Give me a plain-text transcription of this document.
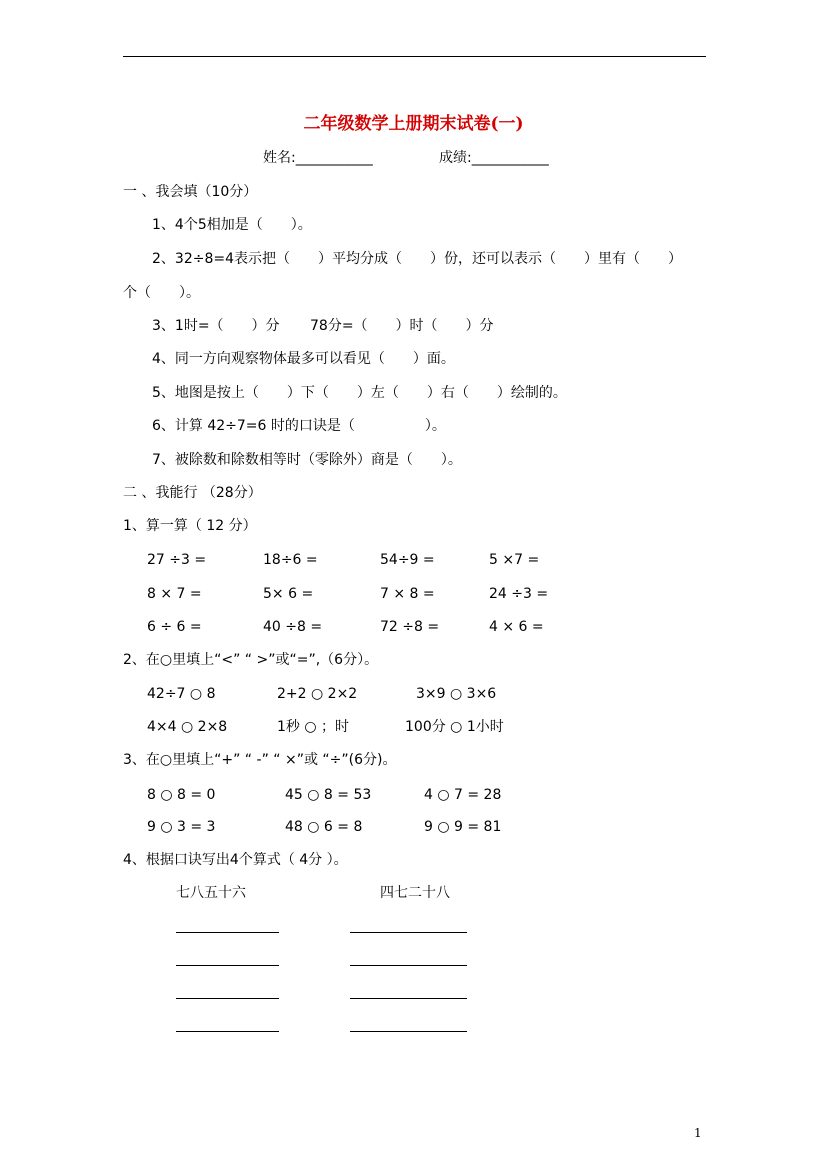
二年级数学上册期末试卷(一)
姓名:___________	成绩:___________
一 、我会填（10分）
1、4个5相加是（　　）。
2、32÷8=4表示把（　　）平均分成（　　）份，还可以表示（　　）里有（　　）
个（　　）。
3、1时=（　　）分 78分=（　　）时（　　）分
4、同一方向观察物体最多可以看见（　　）面。
5、地图是按上（　　）下（　　）左（　　）右（　　）绘制的。
6、计算 42÷7=6 时的口诀是（　　　　　）。
7、被除数和除数相等时（零除外）商是（　　）。
二 、我能行 （28分）
1、算一算（ 12 分）
27 ÷3 =	18÷6 =	54÷9 =	5 ×7 =
8 × 7 =	5× 6 =	7 × 8 =	24 ÷3 =
6 ÷ 6 =	40 ÷8 =	72 ÷8 =	4 × 6 =
2、在○里填上“<” “ >”或“=”,（6分）。
42÷7 ○ 8	2+2 ○ 2×2	3×9 ○ 3×6
4×4 ○ 2×8	1秒 ○ ；时	100分 ○ 1小时
3、在○里填上“+” “ -” “ ×”或 “÷”(6分)。
8 ○ 8 = 0	45 ○ 8 = 53	4 ○ 7 = 28
9 ○ 3 = 3	48 ○ 6 = 8	9 ○ 9 = 81
4、根据口诀写出4个算式（ 4分 ）。
七八五十六	四七二十八
1
